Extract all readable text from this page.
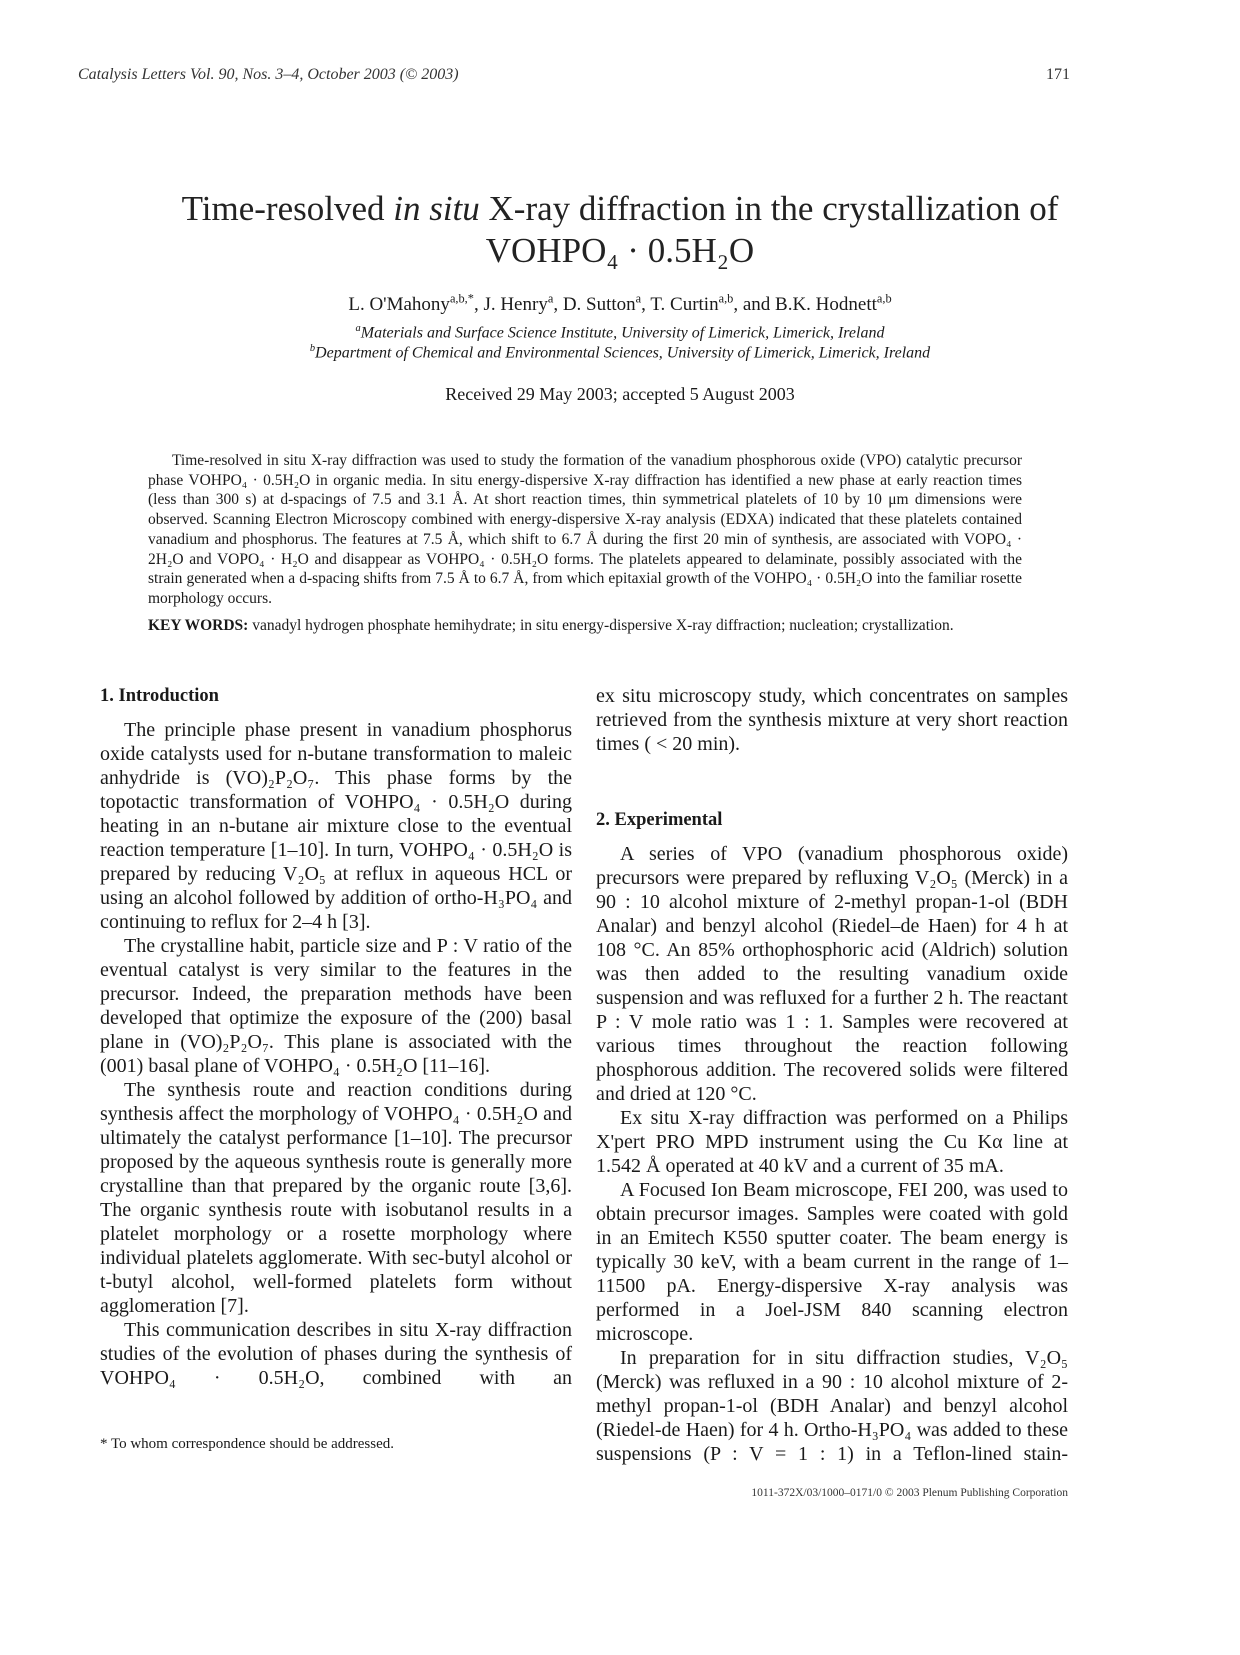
Catalysis Letters Vol. 90, Nos. 3–4, October 2003 (© 2003)	171
Time-resolved in situ X-ray diffraction in the crystallization of
VOHPO₄ · 0.5H₂O
L. O'Mahony$^{a,b,*}$, J. Henry$^a$, D. Sutton$^a$, T. Curtin$^{a,b}$, and B.K. Hodnett$^{a,b}$
$^a$Materials and Surface Science Institute, University of Limerick, Limerick, Ireland
$^b$Department of Chemical and Environmental Sciences, University of Limerick, Limerick, Ireland
Received 29 May 2003; accepted 5 August 2003
Time-resolved in situ X-ray diffraction was used to study the formation of the vanadium phosphorous oxide (VPO) catalytic precursor phase VOHPO₄ · 0.5H₂O in organic media. In situ energy-dispersive X-ray diffraction has identified a new phase at early reaction times (less than 300 s) at d-spacings of 7.5 and 3.1 Å. At short reaction times, thin symmetrical platelets of 10 by 10 μm dimensions were observed. Scanning Electron Microscopy combined with energy-dispersive X-ray analysis (EDXA) indicated that these platelets contained vanadium and phosphorus. The features at 7.5 Å, which shift to 6.7 Å during the first 20 min of synthesis, are associated with VOPO₄ · 2H₂O and VOPO₄ · H₂O and disappear as VOHPO₄ · 0.5H₂O forms. The platelets appeared to delaminate, possibly associated with the strain generated when a d-spacing shifts from 7.5 Å to 6.7 Å, from which epitaxial growth of the VOHPO₄ · 0.5H₂O into the familiar rosette morphology occurs.
KEY WORDS: vanadyl hydrogen phosphate hemihydrate; in situ energy-dispersive X-ray diffraction; nucleation; crystallization.
1. Introduction

The principle phase present in vanadium phosphorus oxide catalysts used for n-butane transformation to maleic anhydride is (VO)₂P₂O₇. This phase forms by the topotactic transformation of VOHPO₄ · 0.5H₂O during heating in an n-butane air mixture close to the eventual reaction temperature [1–10]. In turn, VOHPO₄ · 0.5H₂O is prepared by reducing V₂O₅ at reflux in aqueous HCL or using an alcohol followed by addition of ortho-H₃PO₄ and continuing to reflux for 2–4 h [3].

The crystalline habit, particle size and P : V ratio of the eventual catalyst is very similar to the features in the precursor. Indeed, the preparation methods have been developed that optimize the exposure of the (200) basal plane in (VO)₂P₂O₇. This plane is associated with the (001) basal plane of VOHPO₄ · 0.5H₂O [11–16].

The synthesis route and reaction conditions during synthesis affect the morphology of VOHPO₄ · 0.5H₂O and ultimately the catalyst performance [1–10]. The precursor proposed by the aqueous synthesis route is generally more crystalline than that prepared by the organic route [3,6]. The organic synthesis route with isobutanol results in a platelet morphology or a rosette morphology where individual platelets agglomerate. With sec-butyl alcohol or t-butyl alcohol, well-formed platelets form without agglomeration [7].

This communication describes in situ X-ray diffraction studies of the evolution of phases during the synthesis of VOHPO₄ · 0.5H₂O, combined with an

ex situ microscopy study, which concentrates on samples retrieved from the synthesis mixture at very short reaction times ( < 20 min).

2. Experimental

A series of VPO (vanadium phosphorous oxide) precursors were prepared by refluxing V₂O₅ (Merck) in a 90 : 10 alcohol mixture of 2-methyl propan-1-ol (BDH Analar) and benzyl alcohol (Riedel–de Haen) for 4 h at 108 °C. An 85% orthophosphoric acid (Aldrich) solution was then added to the resulting vanadium oxide suspension and was refluxed for a further 2 h. The reactant P : V mole ratio was 1 : 1. Samples were recovered at various times throughout the reaction following phosphorous addition. The recovered solids were filtered and dried at 120 °C.

Ex situ X-ray diffraction was performed on a Philips X'pert PRO MPD instrument using the Cu Kα line at 1.542 Å operated at 40 kV and a current of 35 mA.

A Focused Ion Beam microscope, FEI 200, was used to obtain precursor images. Samples were coated with gold in an Emitech K550 sputter coater. The beam energy is typically 30 keV, with a beam current in the range of 1–11500 pA. Energy-dispersive X-ray analysis was performed in a Joel-JSM 840 scanning electron microscope.

In preparation for in situ diffraction studies, V₂O₅ (Merck) was refluxed in a 90 : 10 alcohol mixture of 2-methyl propan-1-ol (BDH Analar) and benzyl alcohol (Riedel-de Haen) for 4 h. Ortho-H₃PO₄ was added to these suspensions (P : V = 1 : 1) in a Teflon-lined stain-

* To whom correspondence should be addressed.
1011-372X/03/1000–0171/0 © 2003 Plenum Publishing Corporation
